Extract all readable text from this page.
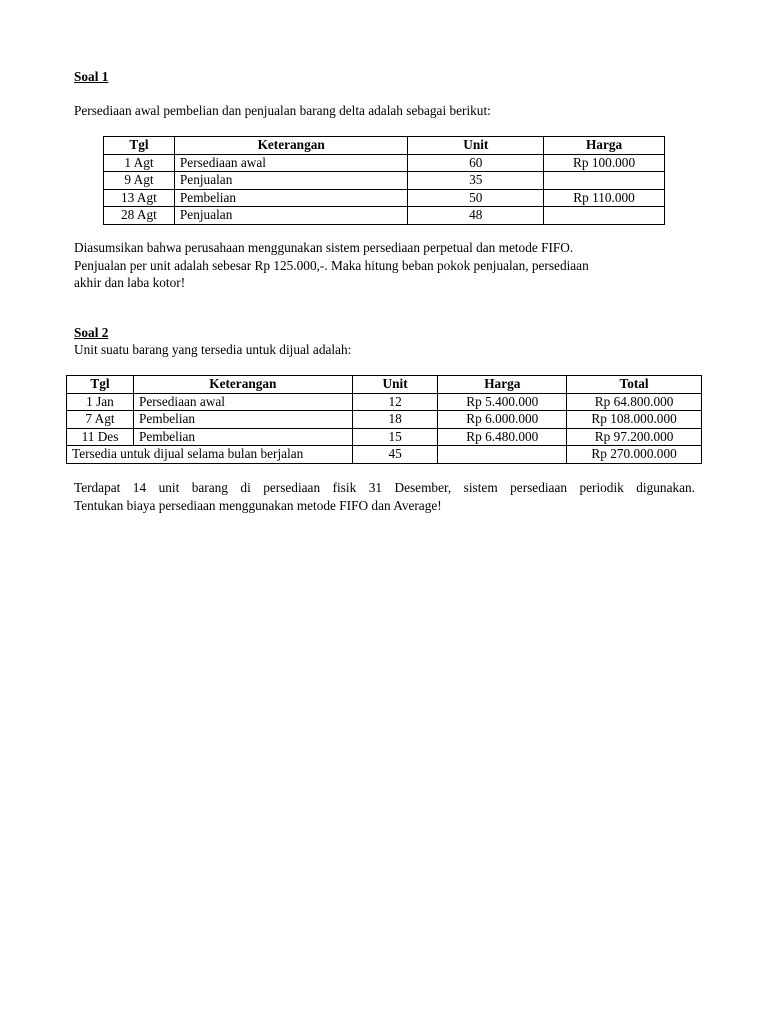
Soal 1
Persediaan awal pembelian dan penjualan barang delta adalah sebagai berikut:
Tgl	Keterangan	Unit	Harga
1 Agt	Persediaan awal	60	Rp 100.000
9 Agt	Penjualan	35	
13 Agt	Pembelian	50	Rp 110.000
28 Agt	Penjualan	48	
Diasumsikan bahwa perusahaan menggunakan sistem persediaan perpetual dan metode FIFO.
Penjualan per unit adalah sebesar Rp 125.000,-. Maka hitung beban pokok penjualan, persediaan
akhir dan laba kotor!
Soal 2
Unit suatu barang yang tersedia untuk dijual adalah:
Tgl	Keterangan	Unit	Harga	Total
1 Jan	Persediaan awal	12	Rp 5.400.000	Rp 64.800.000
7 Agt	Pembelian	18	Rp 6.000.000	Rp 108.000.000
11 Des	Pembelian	15	Rp 6.480.000	Rp 97.200.000
Tersedia untuk dijual selama bulan berjalan		45		Rp 270.000.000
Terdapat 14 unit barang di persediaan fisik 31 Desember, sistem persediaan periodik digunakan.
Tentukan biaya persediaan menggunakan metode FIFO dan Average!
